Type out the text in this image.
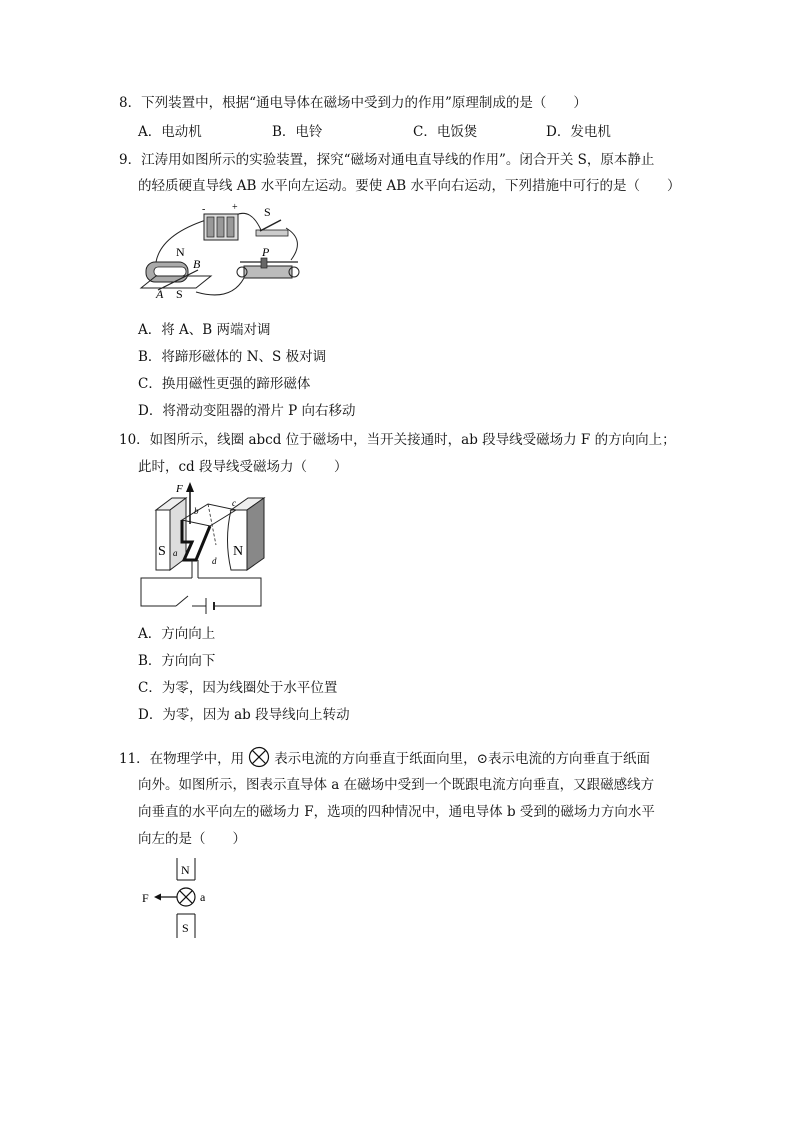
8．下列装置中，根据“通电导体在磁场中受到力的作用”原理制成的是（　　）
A．电动机	B．电铃	C．电饭煲	D．发电机
9．江涛用如图所示的实验装置，探究“磁场对通电直导线的作用”。闭合开关 S，原本静止
的轻质硬直导线 AB 水平向左运动。要使 AB 水平向右运动，下列措施中可行的是（　　）
-	+ S
N
B
A S
P
A．将 A、B 两端对调
B．将蹄形磁体的 N、S 极对调
C．换用磁性更强的蹄形磁体
D．将滑动变阻器的滑片 P 向右移动
10．如图所示，线圈 abcd 位于磁场中，当开关接通时，ab 段导线受磁场力 F 的方向向上；
此时，cd 段导线受磁场力（　　）
F
S	N
a
b
c
d
A．方向向上
B．方向向下
C．为零，因为线圈处于水平位置
D．为零，因为 ab 段导线向上转动
11．在物理学中，用 表示电流的方向垂直于纸面向里，⊙表示电流的方向垂直于纸面
向外。如图所示，图表示直导体 a 在磁场中受到一个既跟电流方向垂直，又跟磁感线方
向垂直的水平向左的磁场力 F，选项的四种情况中，通电导体 b 受到的磁场力方向水平
向左的是（　　）
N
S
F	a
